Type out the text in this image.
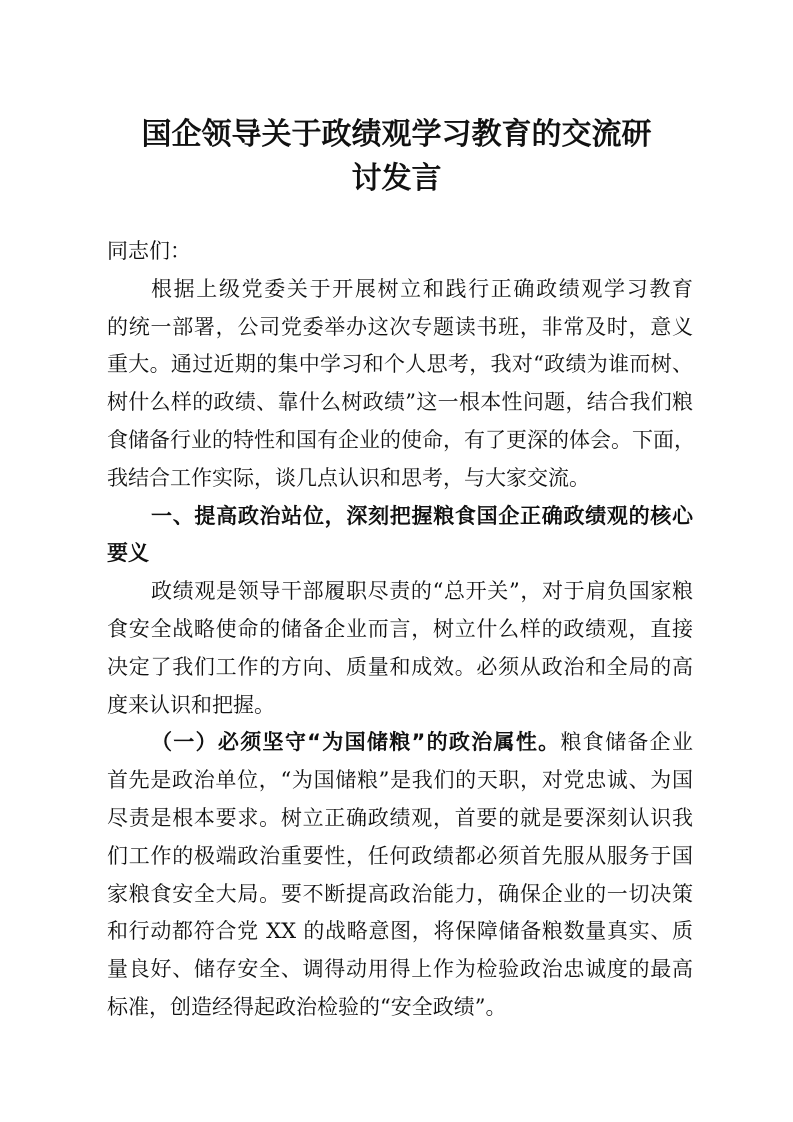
国企领导关于政绩观学习教育的交流研
讨发言
同志们：
根据上级党委关于开展树立和践行正确政绩观学习教育
的统一部署，公司党委举办这次专题读书班，非常及时，意义
重大。通过近期的集中学习和个人思考，我对“政绩为谁而树、
树什么样的政绩、靠什么树政绩”这一根本性问题，结合我们粮
食储备行业的特性和国有企业的使命，有了更深的体会。下面，
我结合工作实际，谈几点认识和思考，与大家交流。
一、提高政治站位，深刻把握粮食国企正确政绩观的核心
要义
政绩观是领导干部履职尽责的“总开关”，对于肩负国家粮
食安全战略使命的储备企业而言，树立什么样的政绩观，直接
决定了我们工作的方向、质量和成效。必须从政治和全局的高
度来认识和把握。
（一）必须坚守“为国储粮”的政治属性。粮食储备企业
首先是政治单位，“为国储粮”是我们的天职，对党忠诚、为国
尽责是根本要求。树立正确政绩观，首要的就是要深刻认识我
们工作的极端政治重要性，任何政绩都必须首先服从服务于国
家粮食安全大局。要不断提高政治能力，确保企业的一切决策
和行动都符合党 XX 的战略意图，将保障储备粮数量真实、质
量良好、储存安全、调得动用得上作为检验政治忠诚度的最高
标准，创造经得起政治检验的“安全政绩”。
